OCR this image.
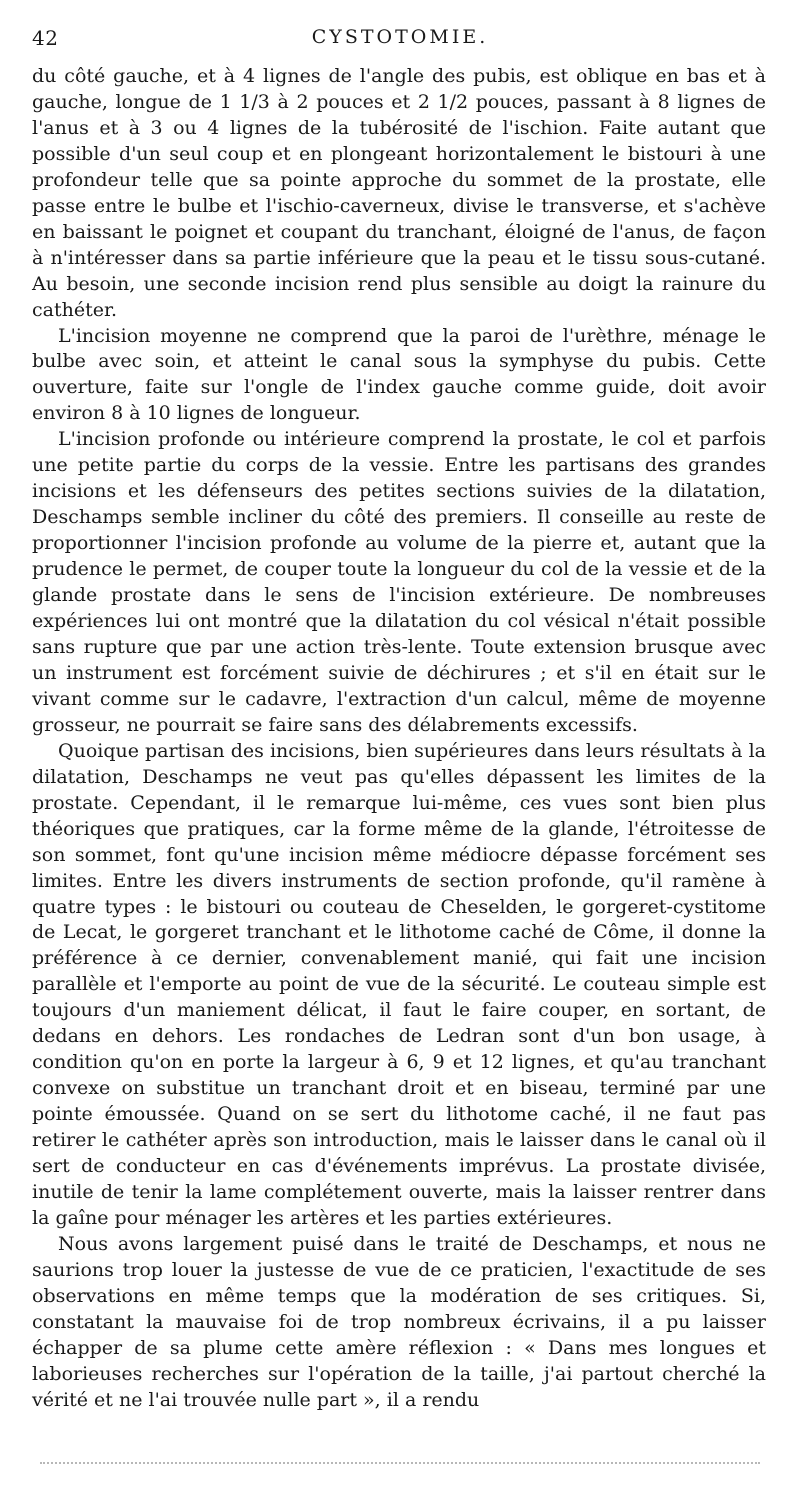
42	CYSTOTOMIE.

du côté gauche, et à 4 lignes de l'angle des pubis, est oblique en bas et à gauche, longue de 1 1/3 à 2 pouces et 2 1/2 pouces, passant à 8 lignes de l'anus et à 3 ou 4 lignes de la tubérosité de l'ischion. Faite autant que possible d'un seul coup et en plongeant horizontalement le bistouri à une profondeur telle que sa pointe approche du sommet de la prostate, elle passe entre le bulbe et l'ischio-caverneux, divise le transverse, et s'achève en baissant le poignet et coupant du tranchant, éloigné de l'anus, de façon à n'intéresser dans sa partie inférieure que la peau et le tissu sous-cutané. Au besoin, une seconde incision rend plus sensible au doigt la rainure du cathéter.

L'incision moyenne ne comprend que la paroi de l'urèthre, ménage le bulbe avec soin, et atteint le canal sous la symphyse du pubis. Cette ouverture, faite sur l'ongle de l'index gauche comme guide, doit avoir environ 8 à 10 lignes de longueur.

L'incision profonde ou intérieure comprend la prostate, le col et parfois une petite partie du corps de la vessie. Entre les partisans des grandes incisions et les défenseurs des petites sections suivies de la dilatation, Deschamps semble incliner du côté des premiers. Il conseille au reste de proportionner l'incision profonde au volume de la pierre et, autant que la prudence le permet, de couper toute la longueur du col de la vessie et de la glande prostate dans le sens de l'incision extérieure. De nombreuses expériences lui ont montré que la dilatation du col vésical n'était possible sans rupture que par une action très-lente. Toute extension brusque avec un instrument est forcément suivie de déchirures ; et s'il en était sur le vivant comme sur le cadavre, l'extraction d'un calcul, même de moyenne grosseur, ne pourrait se faire sans des délabrements excessifs.

Quoique partisan des incisions, bien supérieures dans leurs résultats à la dilatation, Deschamps ne veut pas qu'elles dépassent les limites de la prostate. Cependant, il le remarque lui-même, ces vues sont bien plus théoriques que pratiques, car la forme même de la glande, l'étroitesse de son sommet, font qu'une incision même médiocre dépasse forcément ses limites. Entre les divers instruments de section profonde, qu'il ramène à quatre types : le bistouri ou couteau de Cheselden, le gorgeret-cystitome de Lecat, le gorgeret tranchant et le lithotome caché de Côme, il donne la préférence à ce dernier, convenablement manié, qui fait une incision parallèle et l'emporte au point de vue de la sécurité. Le couteau simple est toujours d'un maniement délicat, il faut le faire couper, en sortant, de dedans en dehors. Les rondaches de Ledran sont d'un bon usage, à condition qu'on en porte la largeur à 6, 9 et 12 lignes, et qu'au tranchant convexe on substitue un tranchant droit et en biseau, terminé par une pointe émoussée. Quand on se sert du lithotome caché, il ne faut pas retirer le cathéter après son introduction, mais le laisser dans le canal où il sert de conducteur en cas d'événements imprévus. La prostate divisée, inutile de tenir la lame complétement ouverte, mais la laisser rentrer dans la gaîne pour ménager les artères et les parties extérieures.

Nous avons largement puisé dans le traité de Deschamps, et nous ne saurions trop louer la justesse de vue de ce praticien, l'exactitude de ses observations en même temps que la modération de ses critiques. Si, constatant la mauvaise foi de trop nombreux écrivains, il a pu laisser échapper de sa plume cette amère réflexion : « Dans mes longues et laborieuses recherches sur l'opération de la taille, j'ai partout cherché la vérité et ne l'ai trouvée nulle part », il a rendu
